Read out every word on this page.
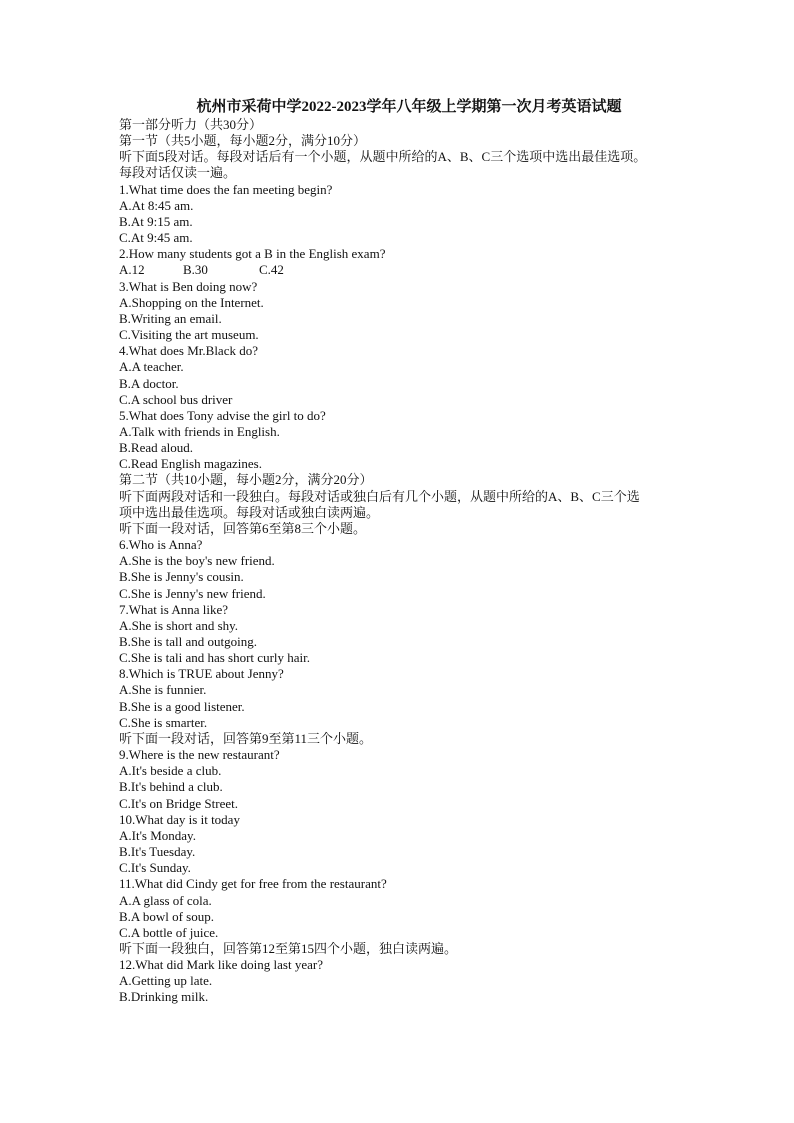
杭州市采荷中学2022-2023学年八年级上学期第一次月考英语试题

第一部分听力（共30分）

第一节（共5小题，每小题2分，满分10分）

听下面5段对话。每段对话后有一个小题，从题中所给的A、B、C三个选项中选出最佳选项。每段对话仅读一遍。

1.What time does the fan meeting begin?

A.At 8:45 am.

B.At 9:15 am.

C.At 9:45 am.

2.How many students got a B in the English exam?

A.12	B.30	C.42

3.What is Ben doing now?

A.Shopping on the Internet.

B.Writing an email.

C.Visiting the art museum.

4.What does Mr.Black do?

A.A teacher.

B.A doctor.

C.A school bus driver

5.What does Tony advise the girl to do?

A.Talk with friends in English.

B.Read aloud.

C.Read English magazines.

第二节（共10小题，每小题2分，满分20分）

听下面两段对话和一段独白。每段对话或独白后有几个小题，从题中所给的A、B、C三个选项中选出最佳选项。每段对话或独白读两遍。

听下面一段对话，回答第6至第8三个小题。

6.Who is Anna?

A.She is the boy's new friend.

B.She is Jenny's cousin.

C.She is Jenny's new friend.

7.What is Anna like?

A.She is short and shy.

B.She is tall and outgoing.

C.She is tali and has short curly hair.

8.Which is TRUE about Jenny?

A.She is funnier.

B.She is a good listener.

C.She is smarter.

听下面一段对话，回答第9至第11三个小题。

9.Where is the new restaurant?

A.It's beside a club.

B.It's behind a club.

C.It's on Bridge Street.

10.What day is it today

A.It's Monday.

B.It's Tuesday.

C.It's Sunday.

11.What did Cindy get for free from the restaurant?

A.A glass of cola.

B.A bowl of soup.

C.A bottle of juice.

听下面一段独白，回答第12至第15四个小题，独白读两遍。

12.What did Mark like doing last year?

A.Getting up late.

B.Drinking milk.
